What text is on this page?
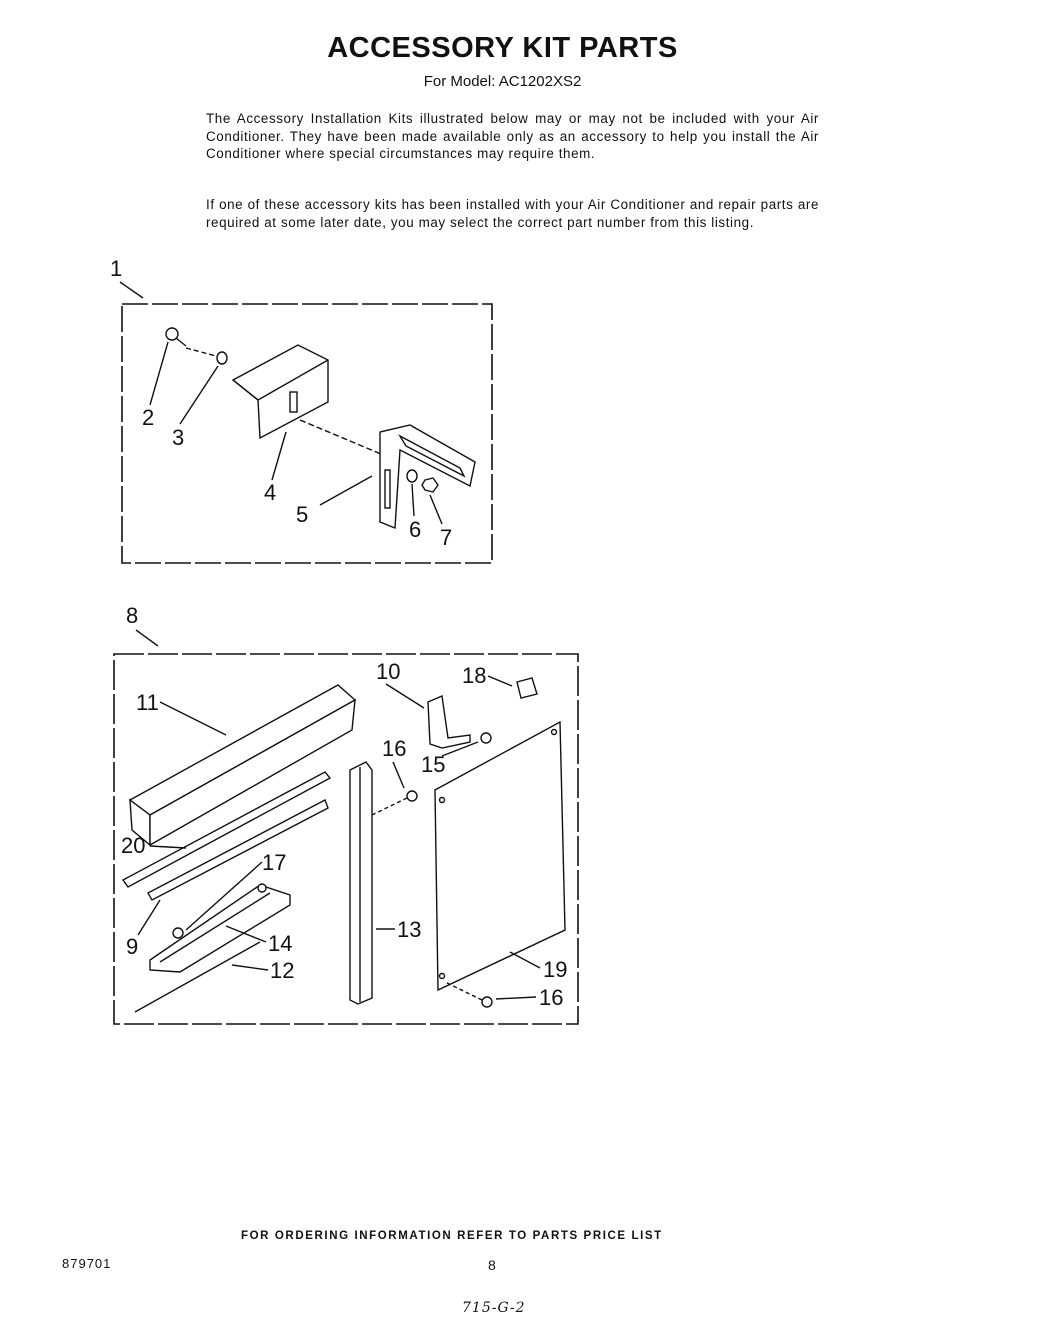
ACCESSORY KIT PARTS
For Model: AC1202XS2

The Accessory Installation Kits illustrated below may or may not be included with your Air Conditioner. They have been made available only as an accessory to help you install the Air Conditioner where special circumstances may require them.

If one of these accessory kits has been installed with your Air Conditioner and repair parts are required at some later date, you may select the correct part number from this listing.

1
2
3
4
5
6 7
8
11
20
17
9	14
12
13
16
10
15
18
19
16
FOR ORDERING INFORMATION REFER TO PARTS PRICE LIST
879701	8
715-G-2
